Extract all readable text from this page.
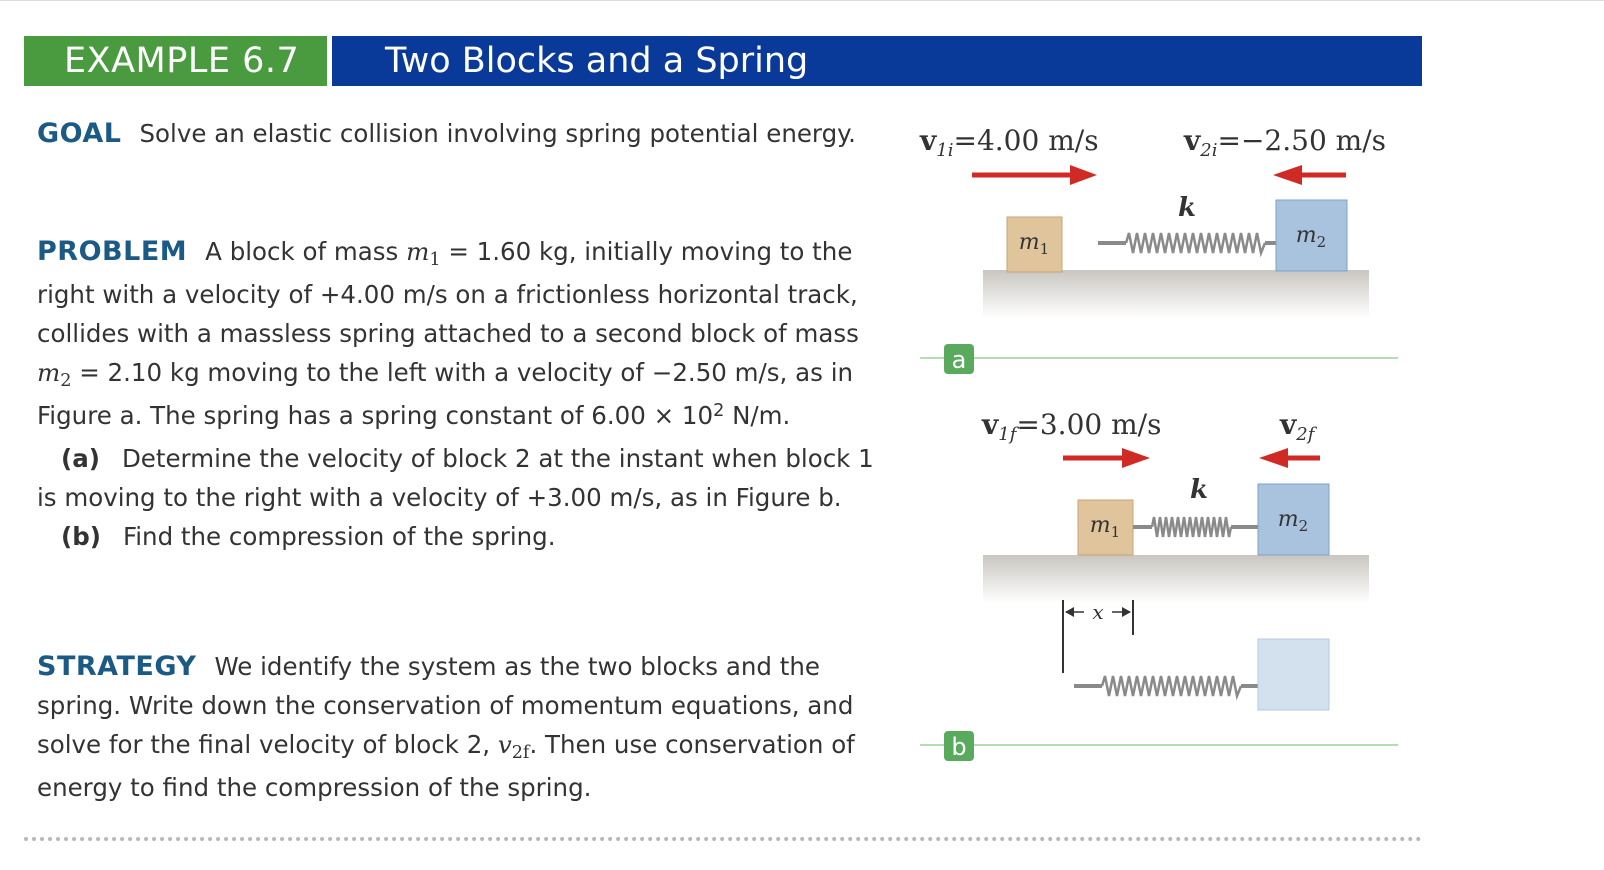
EXAMPLE 6.7	Two Blocks and a Spring
GOAL Solve an elastic collision involving spring potential energy.
PROBLEM A block of mass $m_1 = 1.60$ kg, initially moving to the right with a velocity of +4.00 m/s on a frictionless horizontal track, collides with a massless spring attached to a second block of mass $m_2 = 2.10$ kg moving to the left with a velocity of −2.50 m/s, as in Figure a. The spring has a spring constant of $6.00 \times 10^2$ N/m.(a) Determine the velocity of block 2 at the instant when block 1 is moving to the right with a velocity of +3.00 m/s, as in Figure b.(b) Find the compression of the spring.
STRATEGY We identify the system as the two blocks and the spring. Write down the conservation of momentum equations, and solve for the final velocity of block 2, $v_{2f}$. Then use conservation of energy to find the compression of the spring.
$v_{1i}=4.00$ m/s	$v_{2i}=-2.50$ m/s
k
$m_1$
$m_2$
a
$v_{1f}=3.00$ m/s	$v_{2f}$
k
$m_1$	$m_2$
x
b
